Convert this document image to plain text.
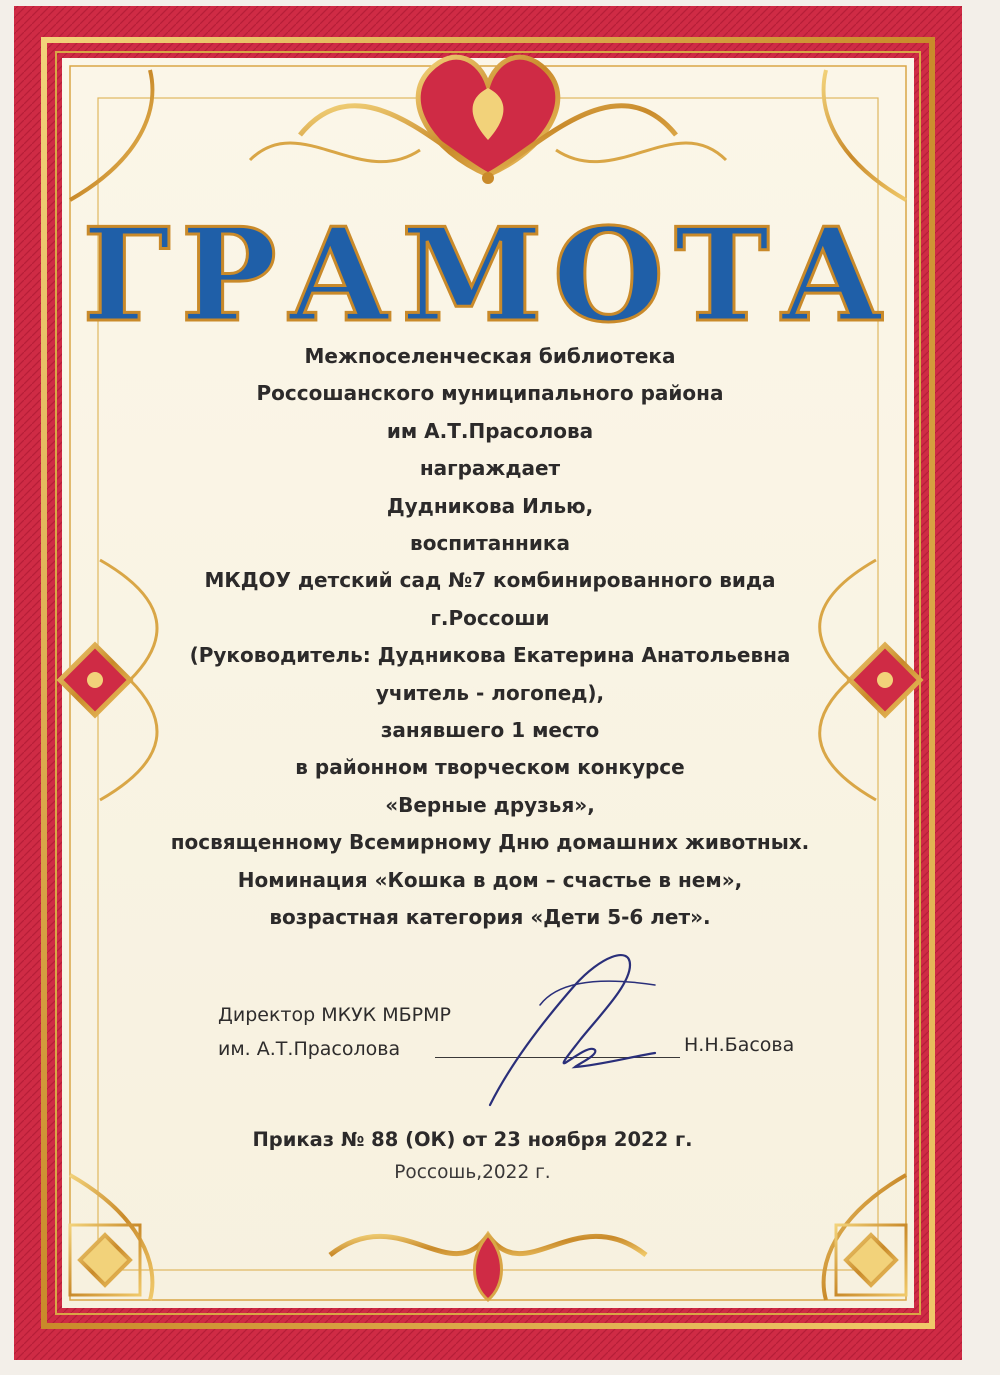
ГРАМОТА
Межпоселенческая библиотека
Россошанского муниципального района
им А.Т.Прасолова
награждает
Дудникова Илью,
воспитанника
МКДОУ детский сад №7 комбинированного вида
г.Россоши
(Руководитель: Дудникова Екатерина Анатольевна
учитель - логопед),
занявшего 1 место
в районном творческом конкурсе
«Верные друзья»,
посвященному Всемирному Дню домашних животных.
Номинация «Кошка в дом – счастье в нем»,
возрастная категория «Дети 5-6 лет».
Директор МКУК МБРМР
им. А.Т.Прасолова	Н.Н.Басова
Приказ № 88 (ОК) от 23 ноября 2022 г.
Россошь,2022 г.
